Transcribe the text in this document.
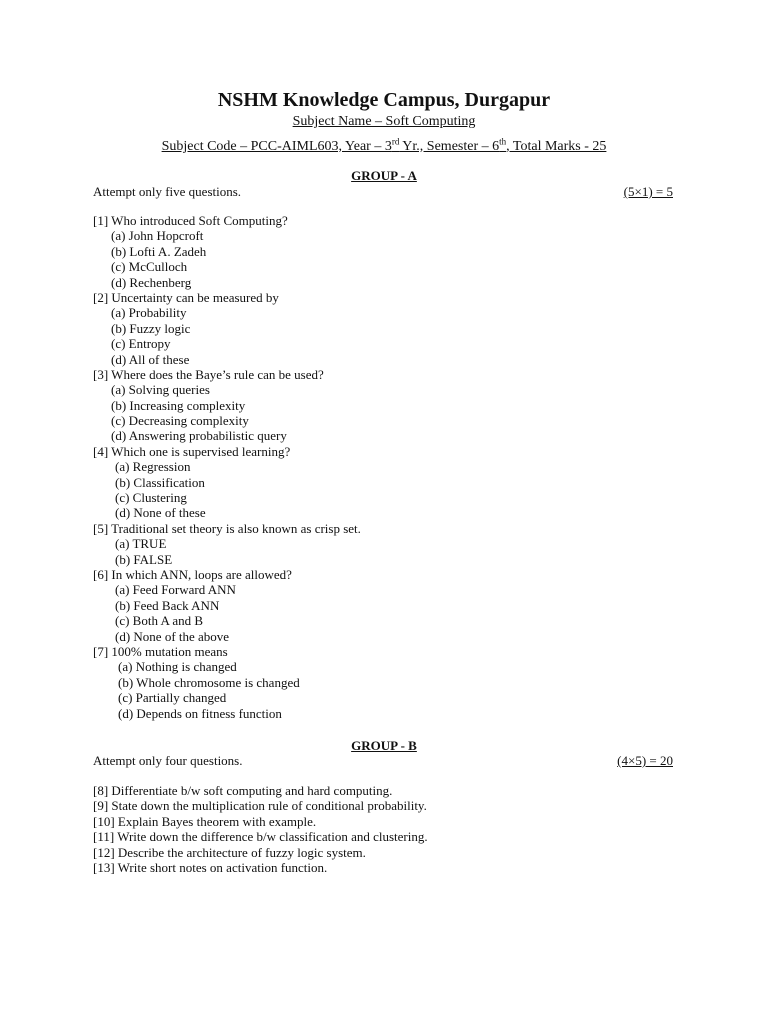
NSHM Knowledge Campus, Durgapur
Subject Name – Soft Computing
Subject Code – PCC-AIML603, Year – 3rd Yr., Semester – 6th, Total Marks - 25
GROUP - A
Attempt only five questions.	(5×1) = 5
[1] Who introduced Soft Computing?
(a) John Hopcroft
(b) Lofti A. Zadeh
(c) McCulloch
(d) Rechenberg
[2] Uncertainty can be measured by
(a) Probability
(b) Fuzzy logic
(c) Entropy
(d) All of these
[3] Where does the Baye’s rule can be used?
(a) Solving queries
(b) Increasing complexity
(c) Decreasing complexity
(d) Answering probabilistic query
[4] Which one is supervised learning?
(a) Regression
(b) Classification
(c) Clustering
(d) None of these
[5] Traditional set theory is also known as crisp set.
(a) TRUE
(b) FALSE
[6] In which ANN, loops are allowed?
(a) Feed Forward ANN
(b) Feed Back ANN
(c) Both A and B
(d) None of the above
[7] 100% mutation means
(a) Nothing is changed
(b) Whole chromosome is changed
(c) Partially changed
(d) Depends on fitness function
GROUP - B
Attempt only four questions.	(4×5) = 20
[8] Differentiate b/w soft computing and hard computing.
[9] State down the multiplication rule of conditional probability.
[10] Explain Bayes theorem with example.
[11] Write down the difference b/w classification and clustering.
[12] Describe the architecture of fuzzy logic system.
[13] Write short notes on activation function.
